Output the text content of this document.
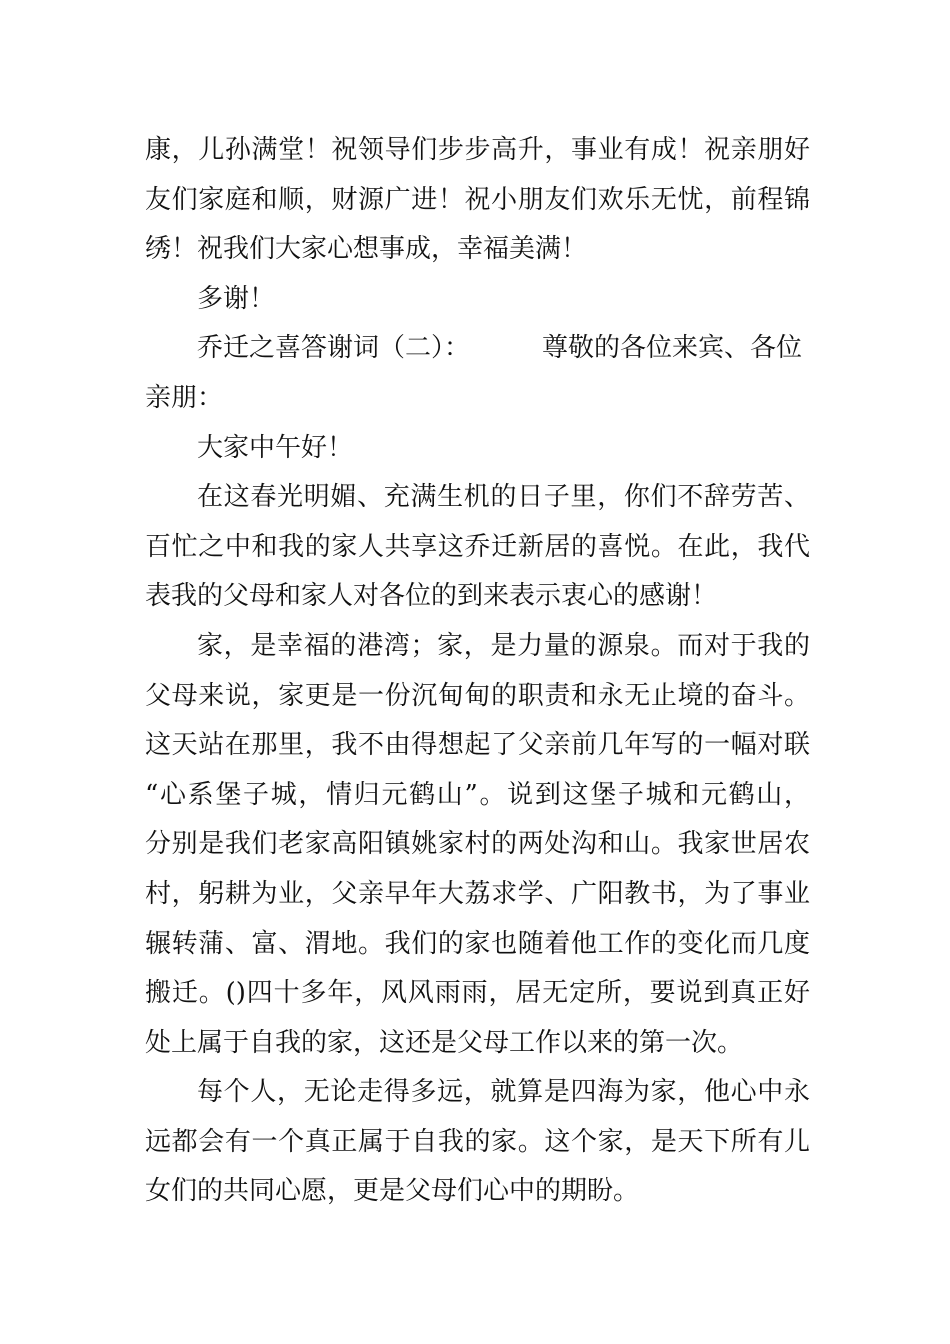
康，儿孙满堂！祝领导们步步高升，事业有成！祝亲朋好
友们家庭和顺，财源广进！祝小朋友们欢乐无忧，前程锦
绣！祝我们大家心想事成，幸福美满！
多谢！
乔迁之喜答谢词（二）：	尊敬的各位来宾、各位
亲朋：
大家中午好！
在这春光明媚、充满生机的日子里，你们不辞劳苦、
百忙之中和我的家人共享这乔迁新居的喜悦。在此，我代
表我的父母和家人对各位的到来表示衷心的感谢！
家，是幸福的港湾；家，是力量的源泉。而对于我的
父母来说，家更是一份沉甸甸的职责和永无止境的奋斗。
这天站在那里，我不由得想起了父亲前几年写的一幅对联
“心系堡子城，情归元鹤山”。说到这堡子城和元鹤山，
分别是我们老家高阳镇姚家村的两处沟和山。我家世居农
村，躬耕为业，父亲早年大荔求学、广阳教书，为了事业
辗转蒲、富、渭地。我们的家也随着他工作的变化而几度
搬迁。()四十多年，风风雨雨，居无定所，要说到真正好
处上属于自我的家，这还是父母工作以来的第一次。
每个人，无论走得多远，就算是四海为家，他心中永
远都会有一个真正属于自我的家。这个家，是天下所有儿
女们的共同心愿，更是父母们心中的期盼。
